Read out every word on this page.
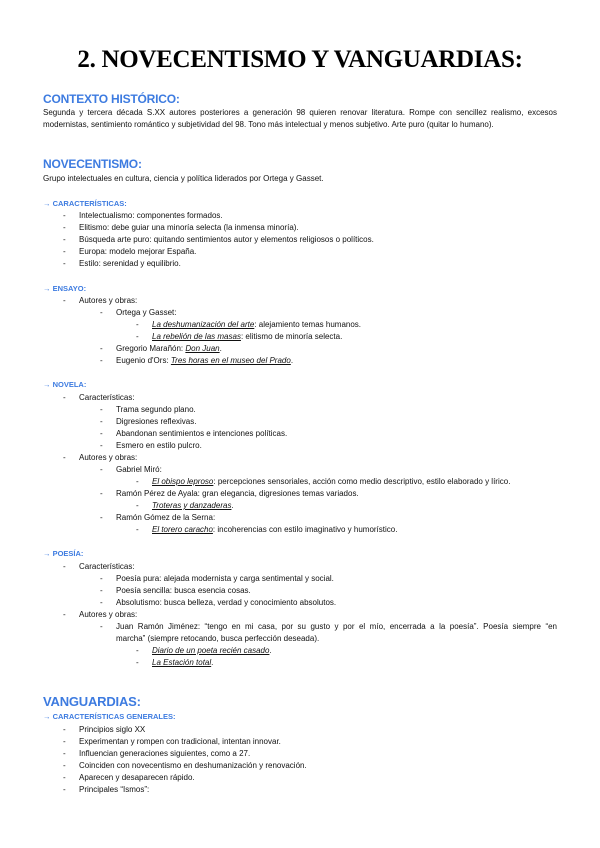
2. NOVECENTISMO Y VANGUARDIAS:
CONTEXTO HISTÓRICO:
Segunda y tercera década S.XX autores posteriores a generación 98 quieren renovar literatura. Rompe con sencillez realismo, excesos modernistas, sentimiento romántico y subjetividad del 98. Tono más intelectual y menos subjetivo. Arte puro (quitar lo humano).
NOVECENTISMO:
Grupo intelectuales en cultura, ciencia y política liderados por Ortega y Gasset.
→ CARACTERÍSTICAS:
- Intelectualismo: componentes formados.
- Elitismo: debe guiar una minoría selecta (la inmensa minoría).
- Búsqueda arte puro: quitando sentimientos autor y elementos religiosos o políticos.
- Europa: modelo mejorar España.
- Estilo: serenidad y equilibrio.
→ ENSAYO:
- Autores y obras:
- Ortega y Gasset:
- La deshumanización del arte: alejamiento temas humanos.
- La rebelión de las masas: elitismo de minoría selecta.
- Gregorio Marañón: Don Juan.
- Eugenio d'Ors: Tres horas en el museo del Prado.
→ NOVELA:
- Características:
- Trama segundo plano.
- Digresiones reflexivas.
- Abandonan sentimientos e intenciones políticas.
- Esmero en estilo pulcro.
- Autores y obras:
- Gabriel Miró:
- El obispo leproso: percepciones sensoriales, acción como medio descriptivo, estilo elaborado y lírico.
- Ramón Pérez de Ayala: gran elegancia, digresiones temas variados.
- Troteras y danzaderas.
- Ramón Gómez de la Serna:
- El torero caracho: incoherencias con estilo imaginativo y humorístico.
→ POESÍA:
- Características:
- Poesía pura: alejada modernista y carga sentimental y social.
- Poesía sencilla: busca esencia cosas.
- Absolutismo: busca belleza, verdad y conocimiento absolutos.
- Autores y obras:
- Juan Ramón Jiménez: “tengo en mi casa, por su gusto y por el mío, encerrada a la poesía”. Poesía siempre “en
marcha” (siempre retocando, busca perfección deseada).
- Diario de un poeta recién casado.
- La Estación total.
VANGUARDIAS:
→ CARACTERÍSTICAS GENERALES:
- Principios siglo XX
- Experimentan y rompen con tradicional, intentan innovar.
- Influencian generaciones siguientes, como a 27.
- Coinciden con novecentismo en deshumanización y renovación.
- Aparecen y desaparecen rápido.
- Principales “Ismos”:
